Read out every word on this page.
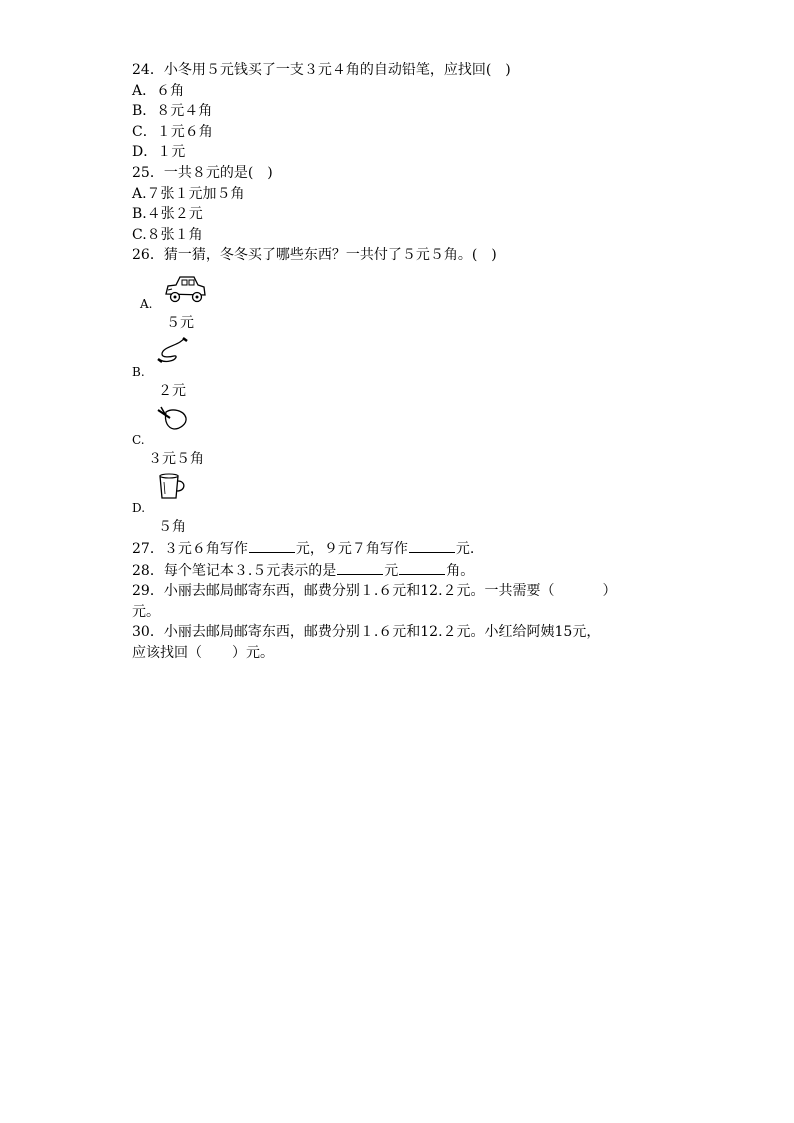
24．小冬用５元钱买了一支３元４角的自动铅笔，应找回(　)
A．６角
B．８元４角
C．１元６角
D．１元
25．一共８元的是(　)
A.７张１元加５角
B.４张２元
C.８张１角
26．猜一猜，冬冬买了哪些东西？一共付了５元５角。(　)
A.
５元
B.
２元
C.
３元５角
D.
５角
27．３元６角写作	元，９元７角写作	元.
28．每个笔记本３.５元表示的是	元	角。
29．小丽去邮局邮寄东西，邮费分别１.６元和12.２元。一共需要（	）
元。
30．小丽去邮局邮寄东西，邮费分别１.６元和12.２元。小红给阿姨15元，
应该找回（ ）元。
